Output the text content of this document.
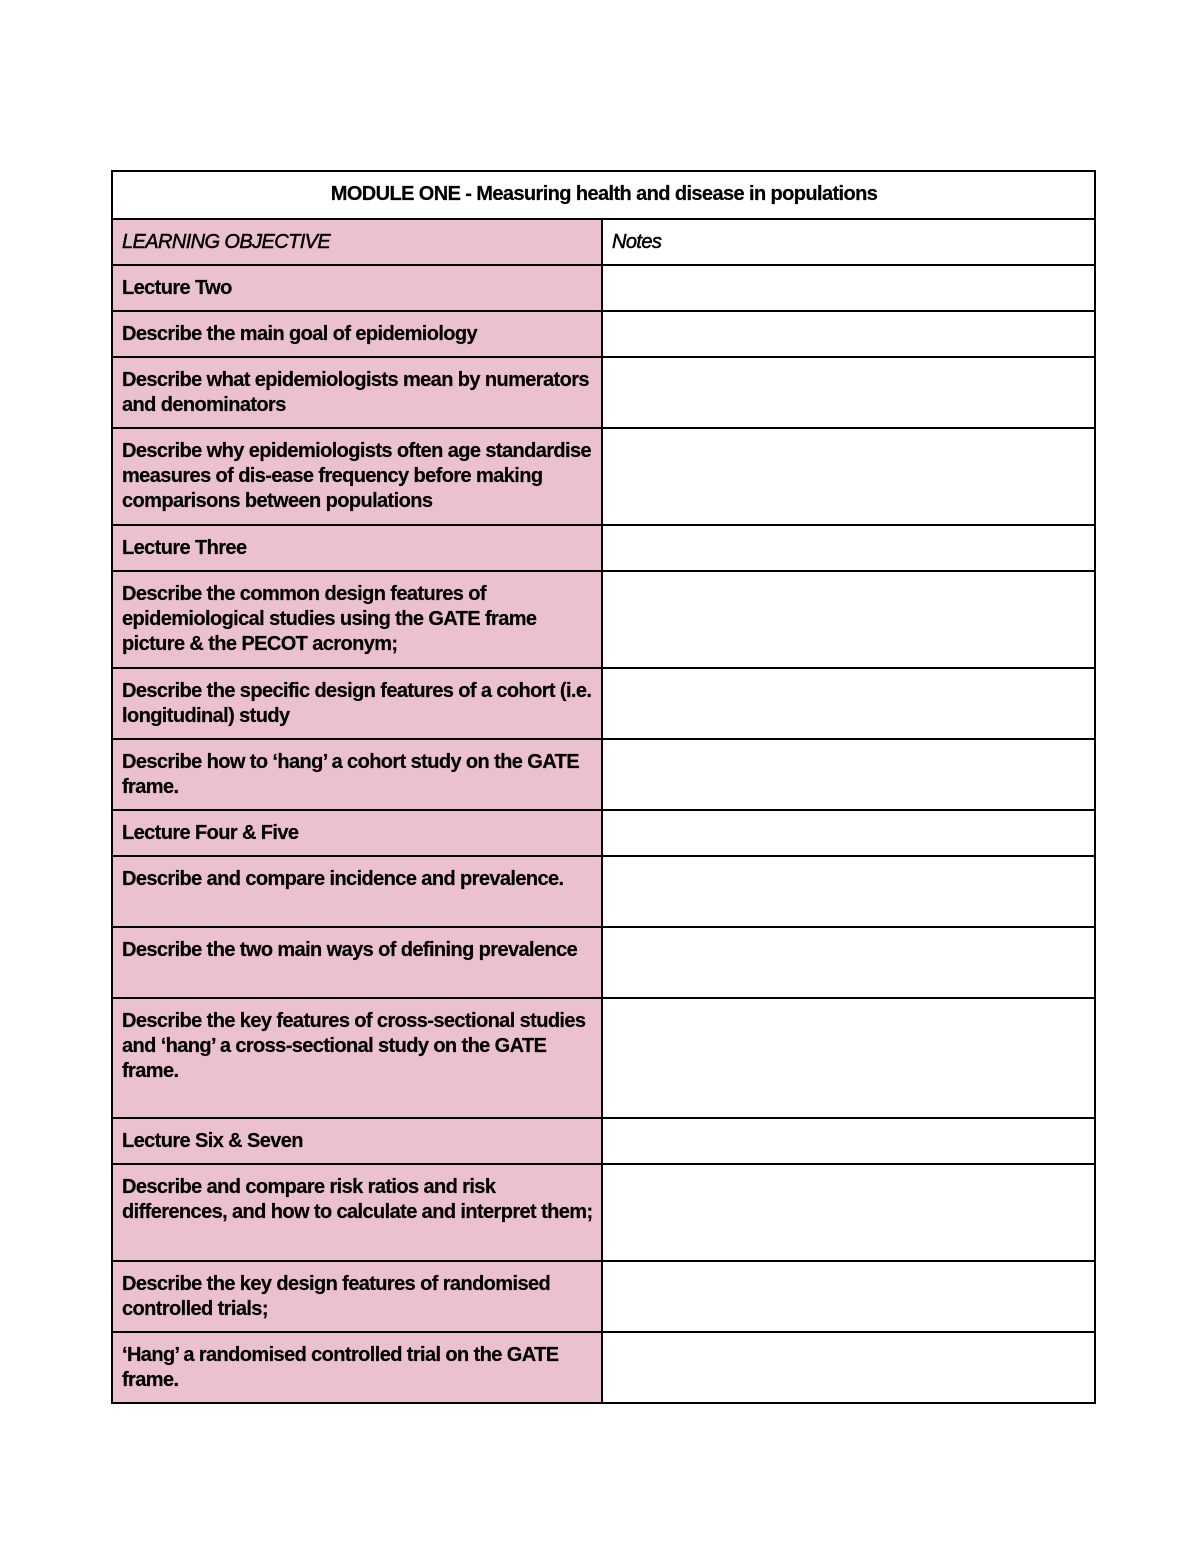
MODULE ONE - Measuring health and disease in populations	
LEARNING OBJECTIVE	Notes
Lecture Two	
Describe the main goal of epidemiology	
Describe what epidemiologists mean by numerators and denominators	
Describe why epidemiologists often age standardise measures of dis-ease frequency before making comparisons between populations	
Lecture Three	
Describe the common design features of epidemiological studies using the GATE frame picture & the PECOT acronym;	
Describe the specific design features of a cohort (i.e. longitudinal) study	
Describe how to ‘hang’ a cohort study on the GATE frame.	
Lecture Four & Five	
Describe and compare incidence and prevalence.	
Describe the two main ways of defining prevalence	
Describe the key features of cross-sectional studies and ‘hang’ a cross-sectional study on the GATE frame.	
Lecture Six & Seven	
Describe and compare risk ratios and risk differences, and how to calculate and interpret them;	
Describe the key design features of randomised controlled trials;	
‘Hang’ a randomised controlled trial on the GATE frame.	
